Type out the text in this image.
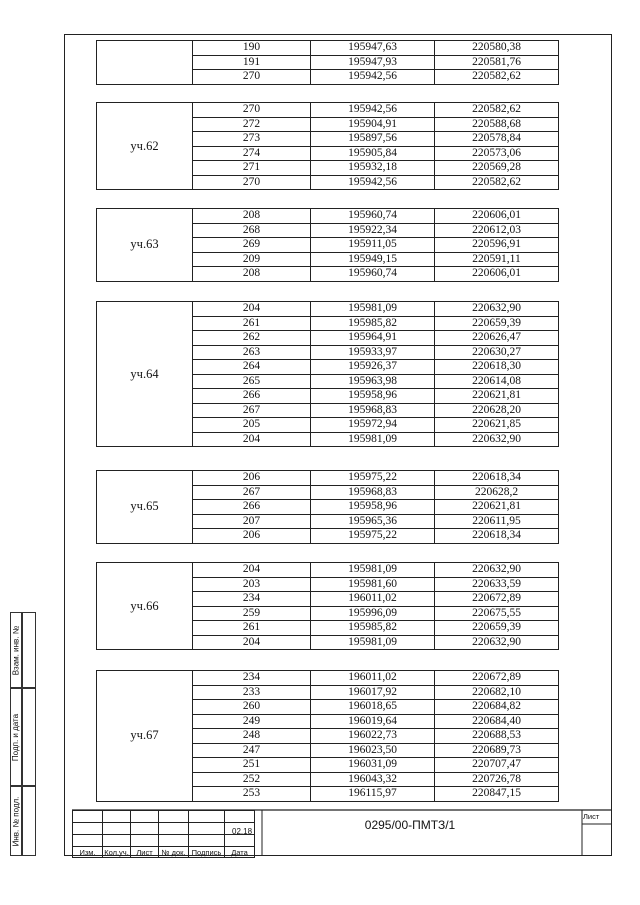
Взам. инв. №
Подп. и дата
Инв. № подл.
	190	195947,63	220580,38
	191	195947,93	220581,76
	270	195942,56	220582,62
уч.62	270	195942,56	220582,62
	272	195904,91	220588,68
	273	195897,56	220578,84
	274	195905,84	220573,06
	271	195932,18	220569,28
	270	195942,56	220582,62
уч.63	208	195960,74	220606,01
	268	195922,34	220612,03
	269	195911,05	220596,91
	209	195949,15	220591,11
	208	195960,74	220606,01
уч.64	204	195981,09	220632,90
	261	195985,82	220659,39
	262	195964,91	220626,47
	263	195933,97	220630,27
	264	195926,37	220618,30
	265	195963,98	220614,08
	266	195958,96	220621,81
	267	195968,83	220628,20
	205	195972,94	220621,85
	204	195981,09	220632,90
уч.65	206	195975,22	220618,34
	267	195968,83	220628,2
	266	195958,96	220621,81
	207	195965,36	220611,95
	206	195975,22	220618,34
уч.66	204	195981,09	220632,90
	203	195981,60	220633,59
	234	196011,02	220672,89
	259	195996,09	220675,55
	261	195985,82	220659,39
	204	195981,09	220632,90
уч.67	234	196011,02	220672,89
	233	196017,92	220682,10
	260	196018,65	220684,82
	249	196019,64	220684,40
	248	196022,73	220688,53
	247	196023,50	220689,73
	251	196031,09	220707,47
	252	196043,32	220726,78
	253	196115,97	220847,15

Изм.	Кол.уч.	Лист	№ док.	Подпись	Дата
02.18	0295/00-ПМТЗ/1
Лист
